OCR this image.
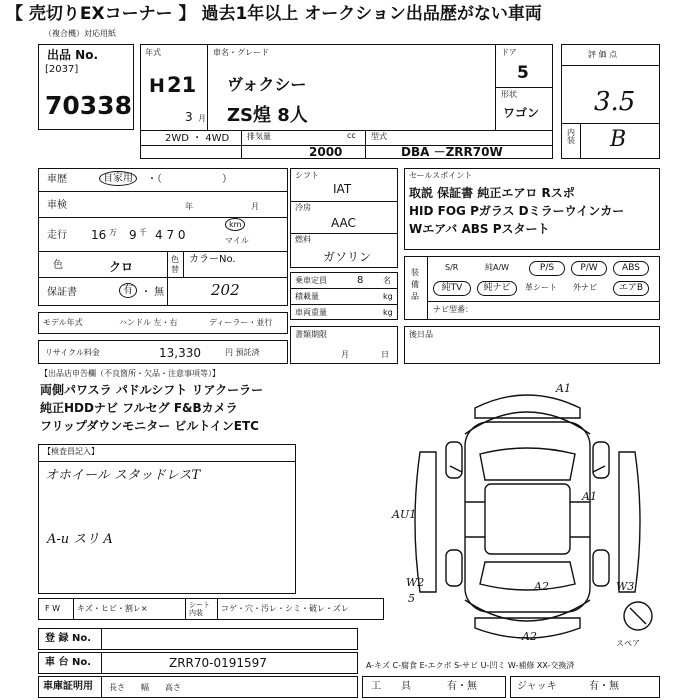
【 売切りEXコーナー 】 過去1年以上 オークション出品歴がない車両
（複合機）対応用紙
出品 No.
[2037]
70338
年式
H 21
3 月
車名・グレード
ヴォクシー
ZS煌 8人
ドア
5
形状
ワゴン
2WD ・ 4WD 排気量	cc
2000
型式
DBA －ZRR70W
評 価 点
3.5
内装 B
車歴	自家用	・（　　　　　　）
車検	年	月
走行 16 万 9 千 4 7 0
km
マイル
色	クロ
色替
カラーNo.
202
保証書	有 ・ 無
モデル年式	ハンドル 左・右	ディーラー・並行
リサイクル料金	13,330	円 預託済
シフト
IAT
冷房
AAC
燃料
ガソリン
乗車定員	8 名
積載量	kg
車両重量	kg
書類期限
月	日
セールスポイント
取説 保証書 純正エアロ Rスポ
HID FOG Pガラス Dミラーウインカー
Wエアバ ABS Pスタート
装備品
S/R	純A/W	P/S	P/W	ABS
純TV	純ナビ	革シート 外ナビ	エアB
ナビ型番：
後日品
【出品店申告欄（不良箇所・欠品・注意事項等）】
両側パワスラ パドルシフト リアクーラー
純正HDDナビ フルセグ F&Bカメラ
フリップダウンモニター ビルトインETC
【検査員記入】
オホイール スタッドレスT
A-u スリ A
A1
A1
AU1
A2
A2
W2
5
W3
スペア
F W キズ・ヒビ・割レ×	シート内装	コゲ・穴・汚レ・シミ・破レ・ズレ
登 録 No.
車 台 No.	ZRR70-0191597	A-キズ C-腐食 E-エクボ S-サビ U-凹ミ W-補修 XX-交換済
車庫証明用 長さ　　幅　　高さ	工　　具	有・無	ジャッキ	有・無
